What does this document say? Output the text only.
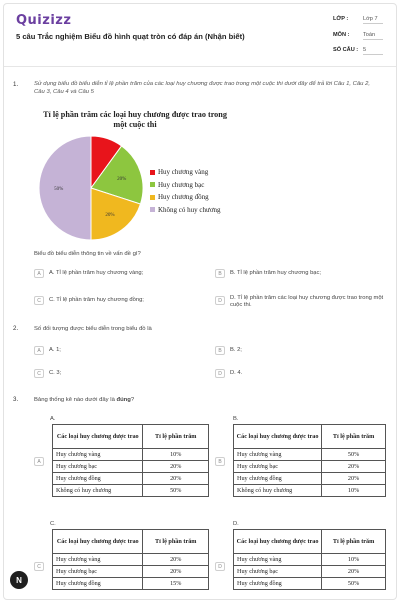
Quizizz
5 câu Trắc nghiệm Biểu đồ hình quạt tròn có đáp án (Nhận biết)
LỚP :	Lớp 7
MÔN : Toán
SỐ CÂU : 5
1.	Sử dụng biểu đồ biểu diễn tỉ lệ phần trăm của các loại huy chương được trao trong một cuộc thi dưới đây để trả lời Câu 1, Câu 2, Câu 3, Câu 4 và Câu 5
Tỉ lệ phần trăm các loại huy chương được trao trong một cuộc thi
20%
20%
50%
Huy chương vàng
Huy chương bạc
Huy chương đồng
Không có huy chương
Biểu đồ biểu diễn thông tin về vấn đề gì?
A	A. Tỉ lệ phần trăm huy chương vàng;	B	B. Tỉ lệ phần trăm huy chương bạc;
C	C. Tỉ lệ phần trăm huy chương đồng;	D	D. Tỉ lệ phần trăm các loại huy chương được trao trong một cuộc thi.
2.	Số đối tượng được biểu diễn trong biểu đồ là
A	A. 1;	B	B. 2;
C	C. 3;	D	D. 4.
3.	Bảng thống kê nào dưới đây là đúng?
A.
A
Các loại huy chương được trao	Tỉ lệ phần trăm
Huy chương vàng	10%
Huy chương bạc	20%
Huy chương đồng	20%
Không có huy chương	50%
B.
B
Các loại huy chương được trao	Tỉ lệ phần trăm
Huy chương vàng	50%
Huy chương bạc	20%
Huy chương đồng	20%
Không có huy chương	10%
C.
C
Các loại huy chương được trao	Tỉ lệ phần trăm
Huy chương vàng	20%
Huy chương bạc	20%
Huy chương đồng	15%
D.
D
Các loại huy chương được trao	Tỉ lệ phần trăm
Huy chương vàng	10%
Huy chương bạc	20%
Huy chương đồng	50%
N
